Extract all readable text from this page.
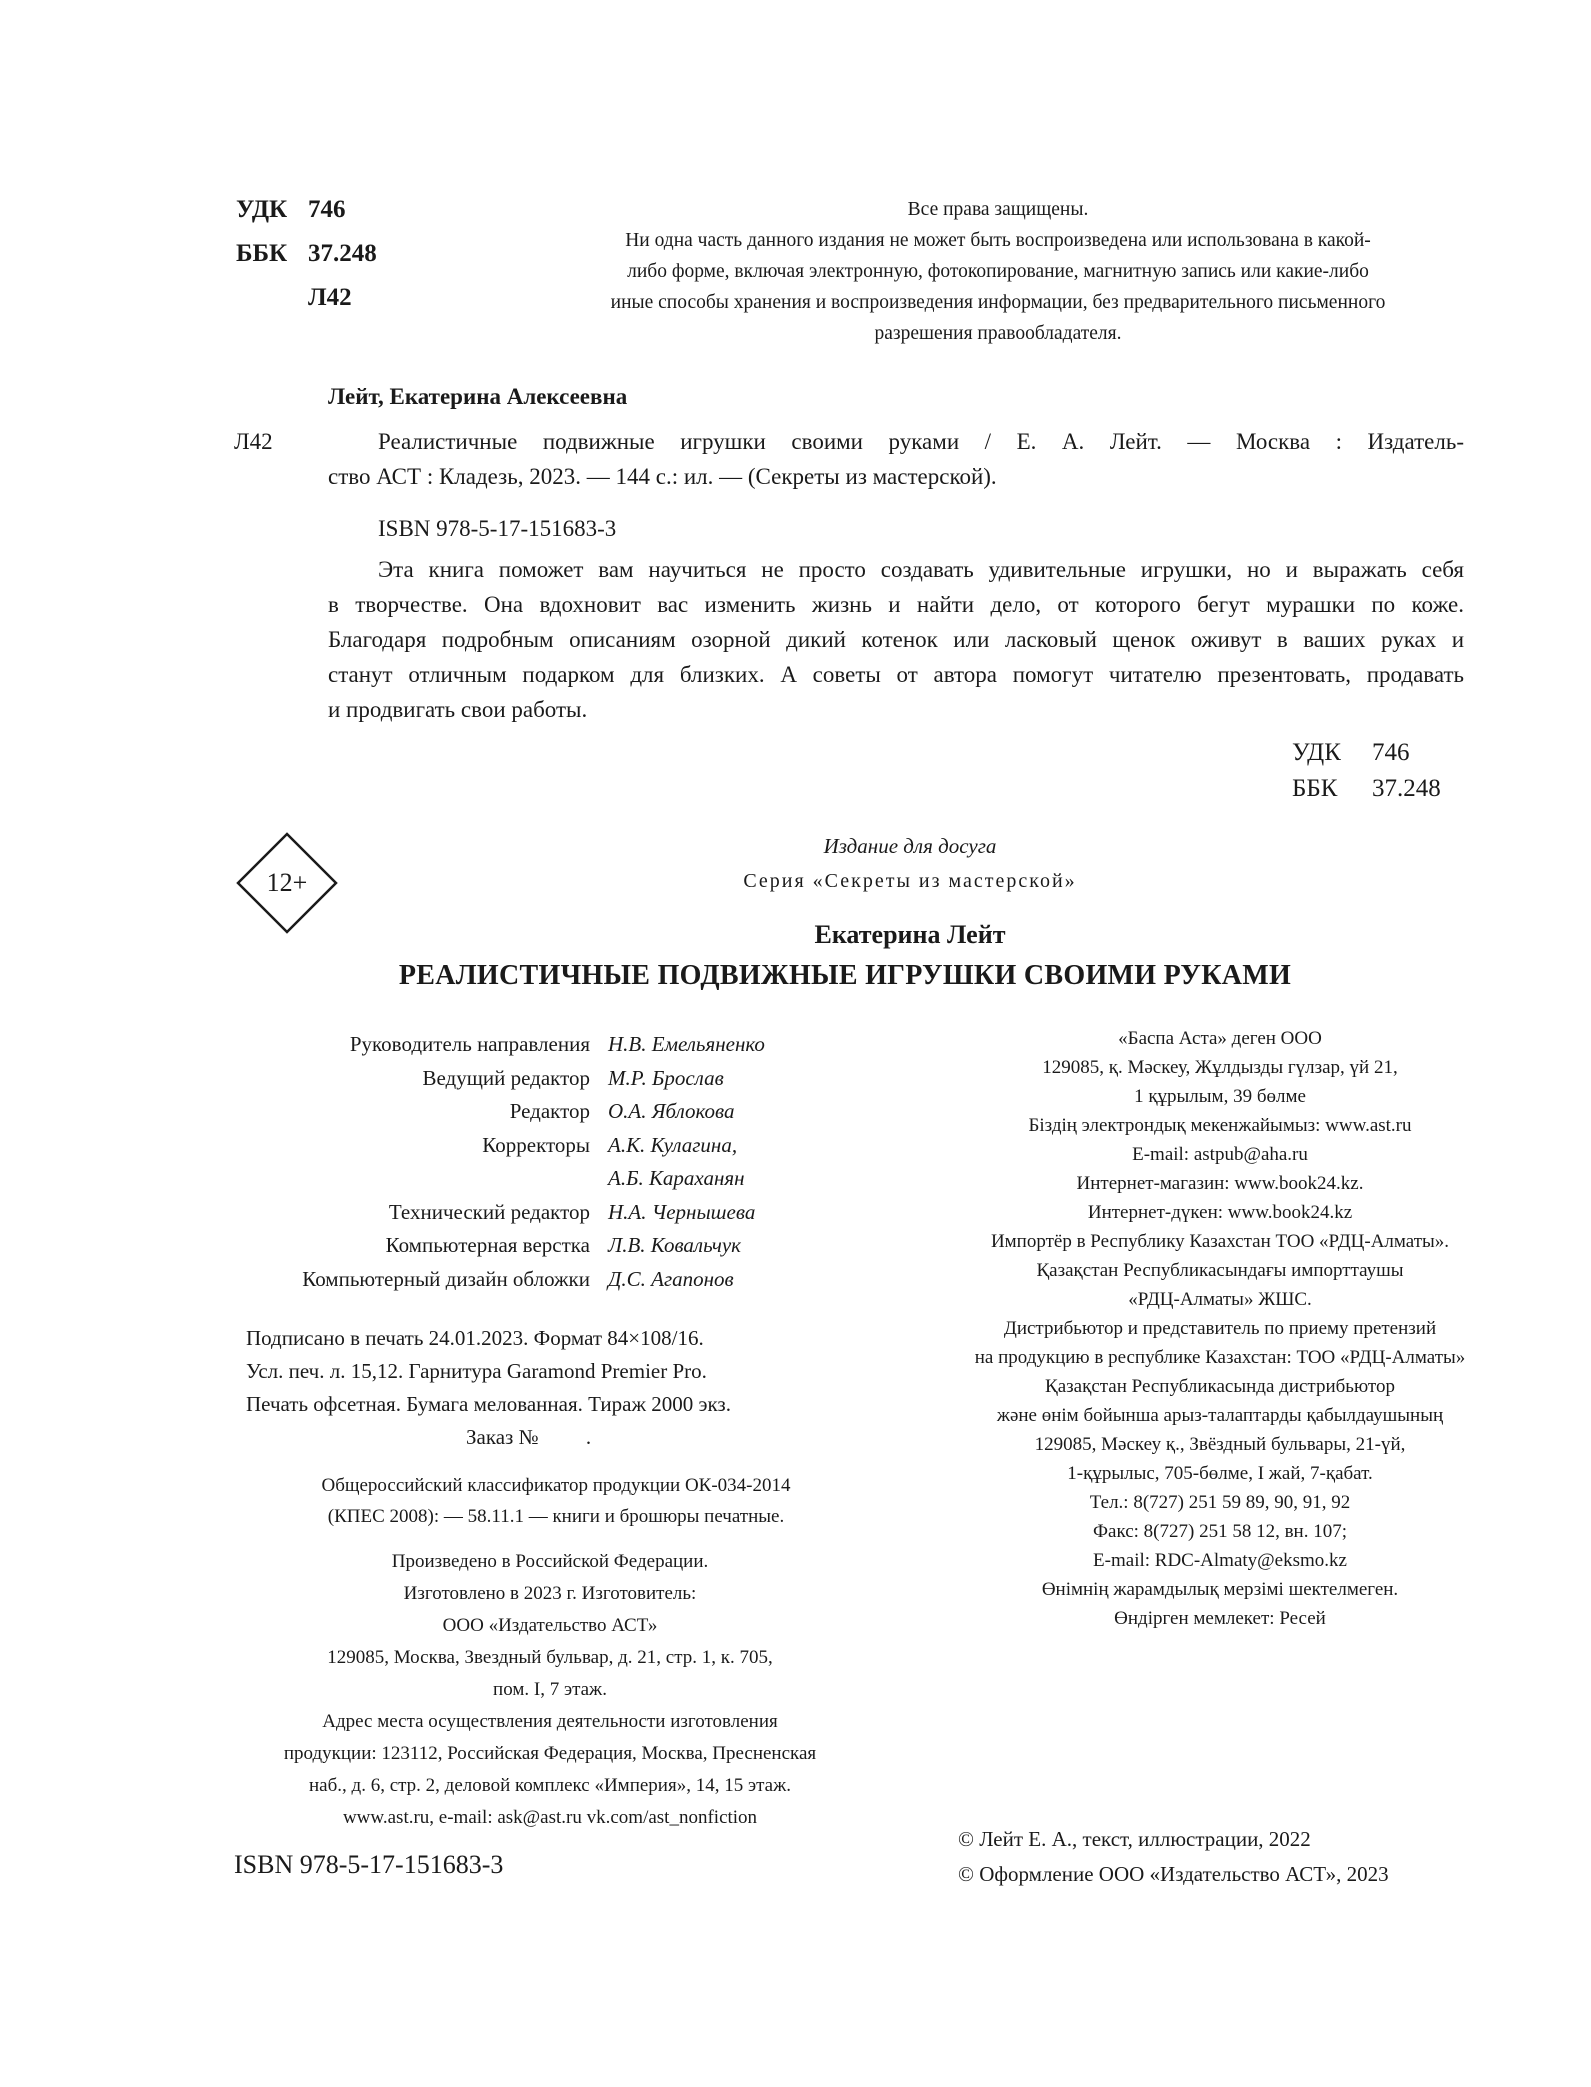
УДК 746
ББК 37.248
Л42
Все права защищены.
Ни одна часть данного издания не может быть воспроизведена или использована в какой-
либо форме, включая электронную, фотокопирование, магнитную запись или какие-либо
иные способы хранения и воспроизведения информации, без предварительного письменного
разрешения правообладателя.
Лейт, Екатерина Алексеевна
Л42	Реалистичные подвижные игрушки своими руками / Е. А. Лейт. — Москва : Издатель-
ство АСТ : Кладезь, 2023. — 144 с.: ил. — (Секреты из мастерской).
ISBN 978-5-17-151683-3

Эта книга поможет вам научиться не просто создавать удивительные игрушки, но и выражать себя

в творчестве. Она вдохновит вас изменить жизнь и найти дело, от которого бегут мурашки по коже.

Благодаря подробным описаниям озорной дикий котенок или ласковый щенок оживут в ваших руках и

станут отличным подарком для близких. А советы от автора помогут читателю презентовать, продавать

и продвигать свои работы.

УДК 746
ББК 37.248
12+
Издание для досуга
Серия «Секреты из мастерской»
Екатерина Лейт
РЕАЛИСТИЧНЫЕ ПОДВИЖНЫЕ ИГРУШКИ СВОИМИ РУКАМИ
Руководитель направления Н.В. Емельяненко
Ведущий редактор М.Р. Брослав
Редактор О.А. Яблокова
Корректоры А.К. Кулагина,
А.Б. Караханян
Технический редактор Н.А. Чернышева
Компьютерная верстка Л.В. Ковальчук
Компьютерный дизайн обложки Д.С. Агапонов
Подписано в печать 24.01.2023. Формат 84×108/16.
Усл. печ. л. 15,12. Гарнитура Garamond Premier Pro.
Печать офсетная. Бумага мелованная. Тираж 2000 экз.
Заказ №         .
Общероссийский классификатор продукции ОК-034-2014
(КПЕС 2008): — 58.11.1 — книги и брошюры печатные.
Произведено в Российской Федерации.
Изготовлено в 2023 г. Изготовитель:
ООО «Издательство АСТ»
129085, Москва, Звездный бульвар, д. 21, стр. 1, к. 705,
пом. I, 7 этаж.
Адрес места осуществления деятельности изготовления
продукции: 123112, Российская Федерация, Москва, Пресненская
наб., д. 6, стр. 2, деловой комплекс «Империя», 14, 15 этаж.
www.ast.ru, e-mail: ask@ast.ru vk.com/ast_nonfiction
«Баспа Аста» деген ООО
129085, қ. Мәскеу, Жұлдызды гүлзар, үй 21,
1 құрылым, 39 бөлме
Біздің электрондық мекенжайымыз: www.ast.ru
E-mail: astpub@aha.ru
Интернет-магазин: www.book24.kz.
Интернет-дүкен: www.book24.kz
Импортёр в Республику Казахстан ТОО «РДЦ-Алматы».
Қазақстан Республикасындағы импорттаушы
«РДЦ-Алматы» ЖШС.
Дистрибьютор и представитель по приему претензий
на продукцию в республике Казахстан: ТОО «РДЦ-Алматы»
Қазақстан Республикасында дистрибьютор
және өнім бойынша арыз-талаптарды қабылдаушының
129085, Мәскеу қ., Звёздный бульвары, 21-үй,
1-құрылыс, 705-бөлме, I жай, 7-қабат.
Тел.: 8(727) 251 59 89, 90, 91, 92
Факс: 8(727) 251 58 12, вн. 107;
E-mail: RDC-Almaty@eksmo.kz
Өнімнің жарамдылық мерзімі шектелмеген.
Өндірген мемлекет: Ресей
ISBN 978-5-17-151683-3
© Лейт Е. А., текст, иллюстрации, 2022
© Оформление ООО «Издательство АСТ», 2023
